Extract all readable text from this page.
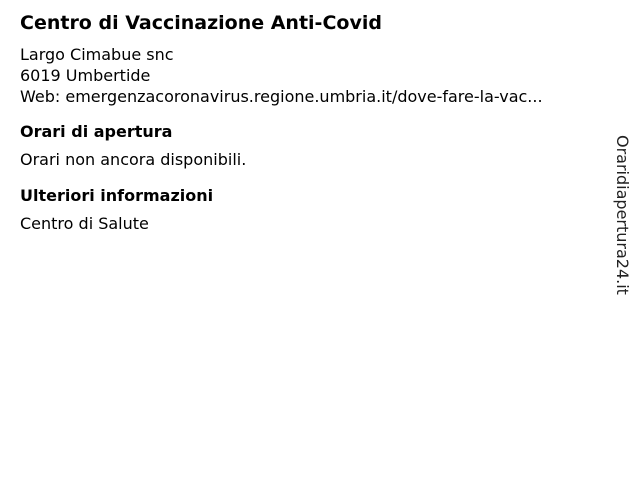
Centro di Vaccinazione Anti-Covid
Largo Cimabue snc
6019 Umbertide
Web: emergenzacoronavirus.regione.umbria.it/dove-fare-la-vac...
Orari di apertura
Orari non ancora disponibili.
Ulteriori informazioni
Centro di Salute	Oraridiapertura24.it
